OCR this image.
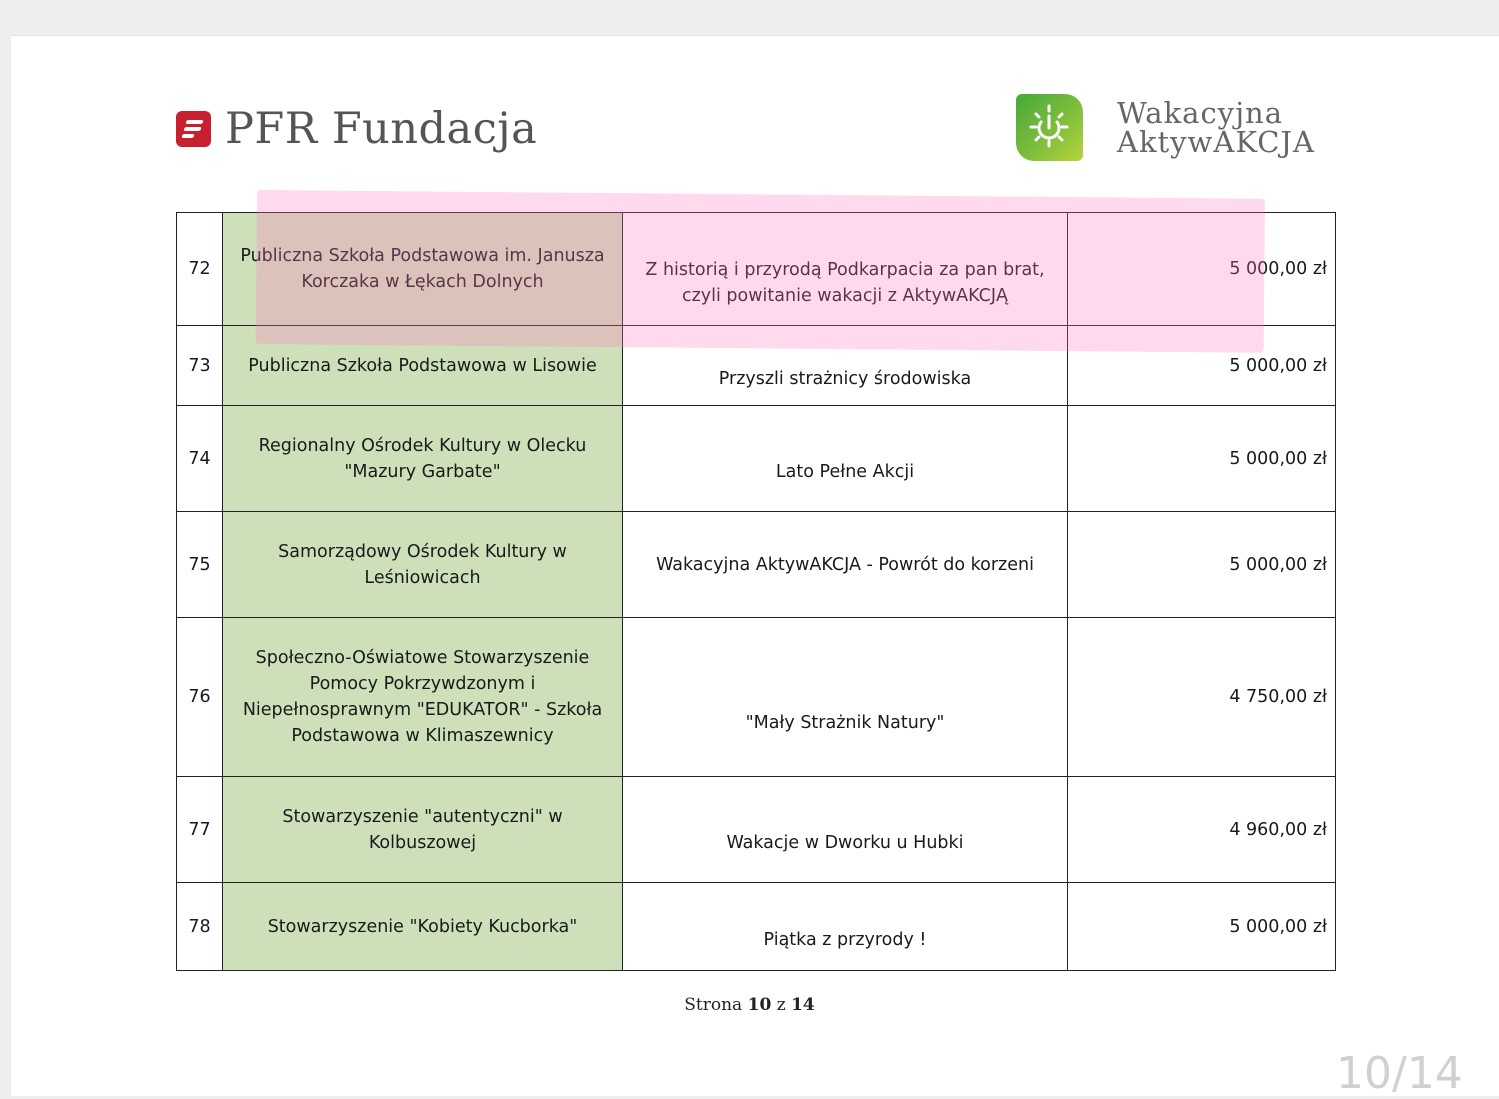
PFR Fundacja	Wakacyjna
AktywAKCJA
72	Publiczna Szkoła Podstawowa im. Janusza Korczaka w Łękach Dolnych	Z historią i przyrodą Podkarpacia za pan brat, czyli powitanie wakacji z AktywAKCJĄ	5 000,00 zł
73	Publiczna Szkoła Podstawowa w Lisowie	Przyszli strażnicy środowiska	5 000,00 zł
74	Regionalny Ośrodek Kultury w Olecku "Mazury Garbate"	Lato Pełne Akcji	5 000,00 zł
75	Samorządowy Ośrodek Kultury w Leśniowicach	Wakacyjna AktywAKCJA - Powrót do korzeni	5 000,00 zł
76	Społeczno-Oświatowe Stowarzyszenie Pomocy Pokrzywdzonym i Niepełnosprawnym "EDUKATOR" - Szkoła Podstawowa w Klimaszewnicy	"Mały Strażnik Natury"	4 750,00 zł
77	Stowarzyszenie "autentyczni" w Kolbuszowej	Wakacje w Dworku u Hubki	4 960,00 zł
78	Stowarzyszenie "Kobiety Kucborka"	Piątka z przyrody !	5 000,00 zł
Strona 10 z 14
10/14
